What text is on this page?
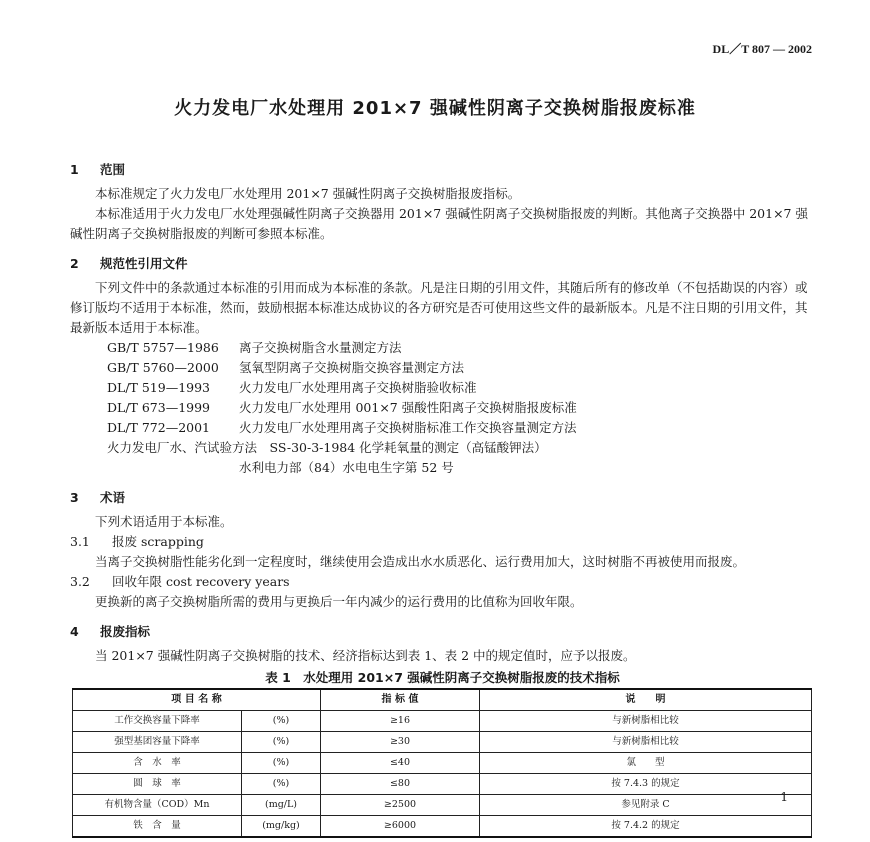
DL／T 807 — 2002
火力发电厂水处理用 201×7 强碱性阴离子交换树脂报废标准
1 范围
本标准规定了火力发电厂水处理用 201×7 强碱性阴离子交换树脂报废指标。
本标准适用于火力发电厂水处理强碱性阴离子交换器用 201×7 强碱性阴离子交换树脂报废的判断。其他离子交换器中 201×7 强碱性阴离子交换树脂报废的判断可参照本标准。
2 规范性引用文件
下列文件中的条款通过本标准的引用而成为本标准的条款。凡是注日期的引用文件，其随后所有的修改单（不包括勘误的内容）或修订版均不适用于本标准，然而，鼓励根据本标准达成协议的各方研究是否可使用这些文件的最新版本。凡是不注日期的引用文件，其最新版本适用于本标准。
GB/T 5757—1986 离子交换树脂含水量测定方法
GB/T 5760—2000 氢氧型阴离子交换树脂交换容量测定方法
DL/T 519—1993 火力发电厂水处理用离子交换树脂验收标准
DL/T 673—1999 火力发电厂水处理用 001×7 强酸性阳离子交换树脂报废标准
DL/T 772—2001 火力发电厂水处理用离子交换树脂标准工作交换容量测定方法
火力发电厂水、汽试验方法　SS-30-3-1984 化学耗氧量的测定（高锰酸钾法）
水利电力部（84）水电电生字第 52 号
3 术语
下列术语适用于本标准。
3.1 报废 scrapping
当离子交换树脂性能劣化到一定程度时，继续使用会造成出水水质恶化、运行费用加大，这时树脂不再被使用而报废。
3.2 回收年限 cost recovery years
更换新的离子交换树脂所需的费用与更换后一年内减少的运行费用的比值称为回收年限。
4 报废指标
当 201×7 强碱性阴离子交换树脂的技术、经济指标达到表 1、表 2 中的规定值时，应予以报废。
表 1　水处理用 201×7 强碱性阴离子交换树脂报废的技术指标
项 目 名 称		指 标 值	说　　明
工作交换容量下降率	(%)	≥16	与新树脂相比较
强型基团容量下降率	(%)	≥30	与新树脂相比较
含　水　率	(%)	≤40	氯　　型
圆　球　率	(%)	≤80	按 7.4.3 的规定
有机物含量（COD）Mn	(mg/L)	≥2500	参见附录 C
铁　含　量	(mg/kg)	≥6000	按 7.4.2 的规定
1
